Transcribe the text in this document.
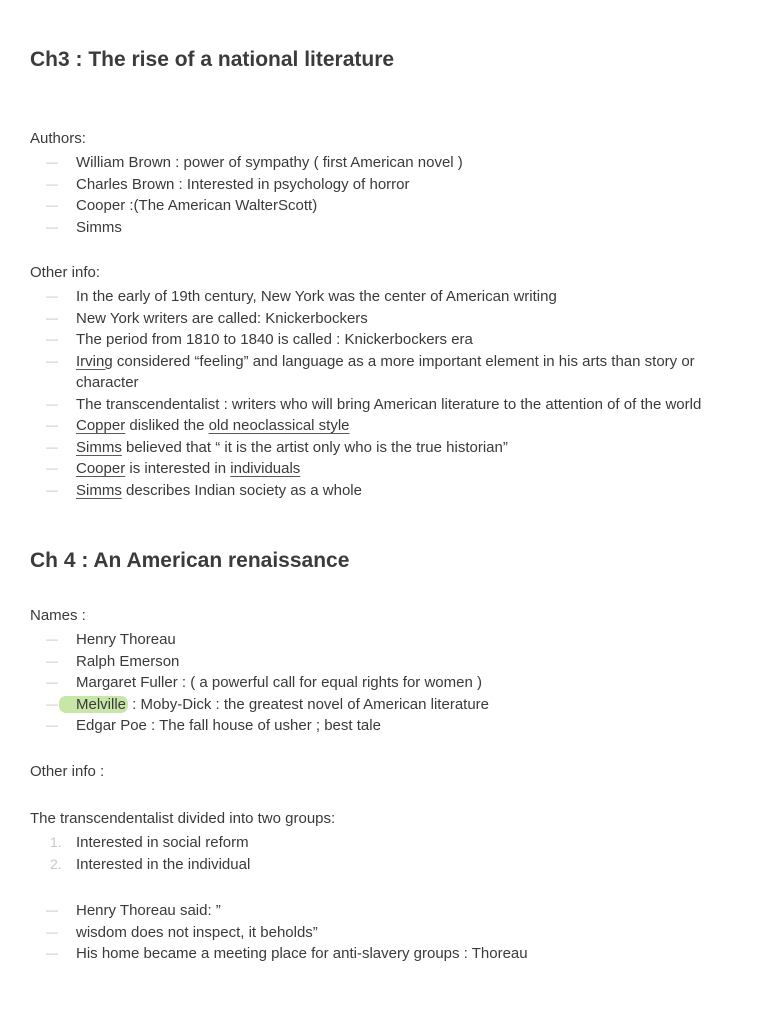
Ch3 : The rise of a national literature

Authors:

— William Brown : power of sympathy ( first American novel )
— Charles Brown : Interested in psychology of horror
— Cooper :(The American WalterScott)
— Simms

Other info:

— In the early of 19th century, New York was the center of American writing
— New York writers are called: Knickerbockers
— The period from 1810 to 1840 is called : Knickerbockers era
— Irving considered “feeling” and language as a more important element in his arts than story or character
— The transcendentalist : writers who will bring American literature to the attention of of the world
— Copper disliked the old neoclassical style
— Simms believed that “ it is the artist only who is the true historian”
— Cooper is interested in individuals
— Simms describes Indian society as a whole
Ch 4 : An American renaissance

Names :

— Henry Thoreau
— Ralph Emerson
— Margaret Fuller : ( a powerful call for equal rights for women )
— Melville : Moby-Dick : the greatest novel of American literature
— Edgar Poe : The fall house of usher ; best tale

Other info :

The transcendentalist divided into two groups:

1. Interested in social reform
2. Interested in the individual
— Henry Thoreau said: ”
— wisdom does not inspect, it beholds”
— His home became a meeting place for anti-slavery groups : Thoreau
